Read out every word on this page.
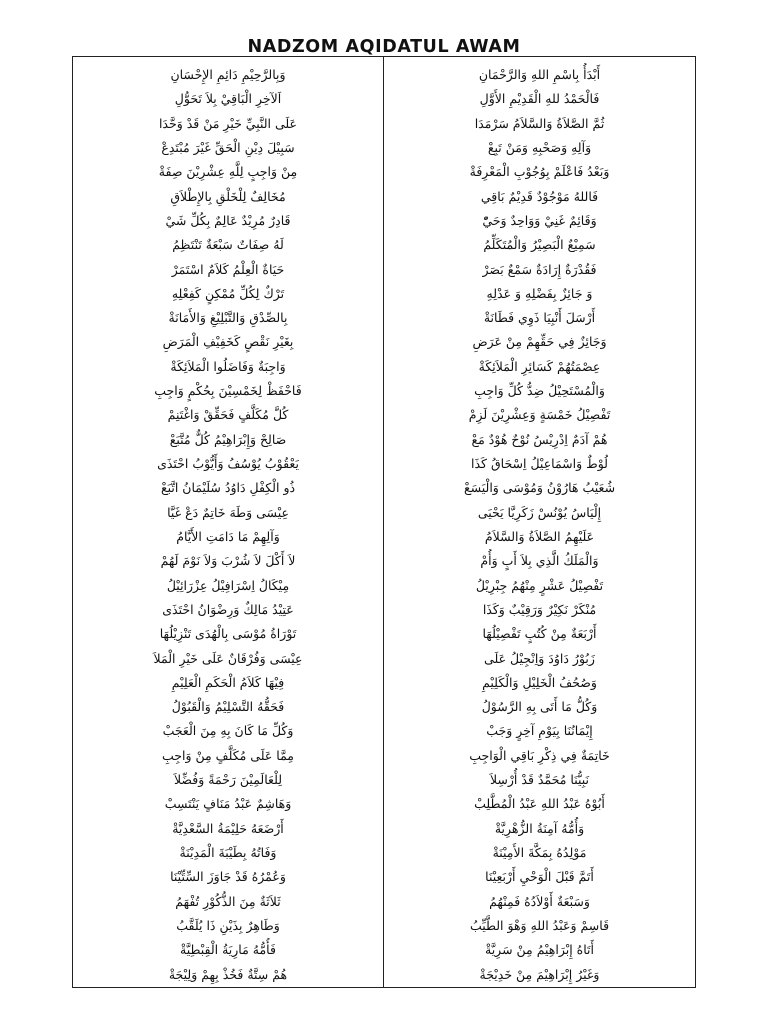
NADZOM AQIDATUL AWAM
وَبِالرَّحِيْمِ دَائِمِ الإِحْسَانِ
اَلآخِرِ الْبَاقِيْ بِلاَ تَحَوُّلِ
عَلَى النَّبِيِّ خَيْرِ مَنْ قَدْ وَحَّدَا
سَبِيْلَ دِيْنِ الْحَقِّ غَيْرَ مُبْتَدِعْ
مِنْ وَاجِبٍ لِلَّهِ عِشْرِيْنَ صِفَةْ
مُخَالِفٌ لِلْخَلْقِ بِالإِطْلاَقِ
قَادِرٌ مُرِيْدٌ عَالِمٌ بِكُلِّ شَيْ
لَهُ صِفَاتٌ سَبْعَةٌ تَنْتَظِمُ
حَيَاةٌ الْعِلْمُ كَلاَمٌ اسْتَمَرْ
تَرْكٌ لِكُلِّ مُمْكِنٍ كَفِعْلِهِ
بِالصِّدْقِ وَالتَّبْلِيْغِ وَالأَمَانَةْ
بِغَيْرِ نَقْصٍ كَخَفِيْفِ الْمَرَضِ
وَاجِبَةٌ وَفَاضَلُوا الْمَلاَئِكَةْ
فَاحْفَظْ لِخَمْسِيْنَ بِحُكْمٍ وَاجِبِ
كُلَّ مُكَلَّفٍ فَحَقِّقْ وَاغْتَنِمْ
صَالِحْ وَإِبْرَاهِيْمُ كُلٌّ مُتَّبَعْ
يَعْقُوْبُ يُوْسُفُ وَأَيُّوْبُ احْتَذَى
ذُو الْكِفْلِ دَاوُدُ سُلَيْمَانُ اتَّبَعْ
عِيْسَى وَطَهَ خَاتِمٌ دَعْ غَيَّا
وَآلِهِمْ مَا دَامَتِ الأَيَّامُ
لاَ أَكْلَ لاَ شُرْبَ وَلاَ نَوْمَ لَهُمْ
مِيْكَالُ اِسْرَافِيْلُ عِزْرَائِيْلُ
عَتِيْدُ مَالِكٌ وَرِضْوَانُ احْتَذَى
تَوْرَاةُ مُوْسَى بِالْهُدَى تَنْزِيْلُهَا
عِيْسَى وَفُرْقَانٌ عَلَى خَيْرِ الْمَلاَ
فِيْهَا كَلاَمُ الْحَكَمِ الْعَلِيْمِ
فَحَقُّهُ التَّسْلِيْمُ وَالْقَبُوْلُ
وَكُلِّ مَا كَانَ بِهِ مِنَ الْعَجَبْ
مِمَّا عَلَى مُكَلَّفٍ مِنْ وَاجِبِ
لِلْعَالَمِيْنَ رَحْمَةً وَفُضِّلاَ
وَهَاشِمٌ عَبْدُ مَنَافٍ يَنْتَسِبْ
أَرْضَعَهُ حَلِيْمَةُ السَّعْدِيَّةْ
وَفَاتُهُ بِطَيْبَةَ الْمَدِيْنَةْ
وَعُمْرُهُ قَدْ جَاوَزَ السِّتِّيْنَا
ثَلاَثَةٌ مِنَ الذُّكُوْرِ تُفْهَمُ
وَطَاهِرٌ بِذَيْنِ ذَا يُلَقَّبُ
فَأُمُّهُ مَارِيَةُ الْقِبْطِيَّةْ
هُمْ سِتَّةٌ فَخُذْ بِهِمْ وَلِيْجَةْ
أَبْدَأُ بِاسْمِ اللهِ وَالرَّحْمَانِ
فَالْحَمْدُ للهِ الْقَدِيْمِ الأَوَّلِ
ثُمَّ الصَّلاَةُ وَالسَّلاَمُ سَرْمَدَا
وَآلِهِ وَصَحْبِهِ وَمَنْ تَبِعْ
وَبَعْدُ فَاعْلَمْ بِوُجُوْبِ الْمَعْرِفَةْ
فَاللهُ مَوْجُوْدٌ قَدِيْمٌ بَاقِي
وَقَائِمٌ غَنِيْ وَوَاحِدٌ وَحَيّْ
سَمِيْعٌ الْبَصِيْرُ وَالْمُتَكَلِّمُ
فَقُدْرَةٌ إِرَادَةٌ سَمْعٌ بَصَرْ
وَ جَائِزٌ بِفَضْلِهِ وَ عَدْلِهِ
أَرْسَلَ أَنْبِيَا ذَوِي فَطَانَةْ
وَجَائِزٌ فِي حَقِّهِمْ مِنْ عَرَضِ
عِصْمَتُهُمْ كَسَائِرِ الْمَلاَئِكَةْ
وَالْمُسْتَحِيْلُ ضِدُّ كُلِّ وَاجِبِ
تَفْصِيْلُ خَمْسَةٍ وَعِشْرِيْنَ لَزِمْ
هُمْ آدَمٌ اِدْرِيْسُ نُوْحٌ هُوْدٌ مَعْ
لُوْطٌ وَاسْمَاعِيْلُ اِسْحَاقُ كَذَا
شُعَيْبُ هَارُوْنُ وَمُوْسَى وَالْيَسَعْ
إِلْيَاسُ يُوْنُسْ زَكَرِيَّا يَحْيَى
عَلَيْهِمُ الصَّلاَةُ وَالسَّلاَمُ
وَالْمَلَكُ الَّذِي بِلاَ أَبٍ وَأُمْ
تَفْصِيْلُ عَشْرٍ مِنْهُمُ جِبْرِيْلُ
مُنْكَرْ نَكِيْرٌ وَرَقِيْبٌ وَكَذَا
أَرْبَعَةٌ مِنْ كُتُبٍ تَفْصِيْلُهَا
زَبُوْرُ دَاوُدَ وَاِنْجِيْلُ عَلَى
وَصُحُفُ الْخَلِيْلِ وَالْكَلِيْمِ
وَكُلُّ مَا أَتَى بِهِ الرَّسُوْلُ
إِيْمَانُنَا بِيَوْمِ آخِرٍ وَجَبْ
خَاتِمَةٌ فِي ذِكْرِ بَاقِي الْوَاجِبِ
نَبِيُّنَا مُحَمَّدٌ قَدْ أُرْسِلاَ
أَبُوْهُ عَبْدُ اللهِ عَبْدُ الْمُطَّلِبْ
وَأُمُّهُ آمِنَةُ الزُّهْرِيَّةْ
مَوْلِدُهُ بِمَكَّةَ الأَمِيْنَةْ
أَتَمَّ قَبْلَ الْوَحْيِ أَرْبَعِيْنَا
وَسَبْعَةٌ أَوْلاَدُهُ فَمِنْهُمُ
قَاسِمْ وَعَبْدُ اللهِ وَهْوَ الطَّيِّبُ
أَتَاهُ إِبْرَاهِيْمُ مِنْ سَرِيَّةْ
وَغَيْرُ إِبْرَاهِيْمَ مِنْ خَدِيْجَةْ
